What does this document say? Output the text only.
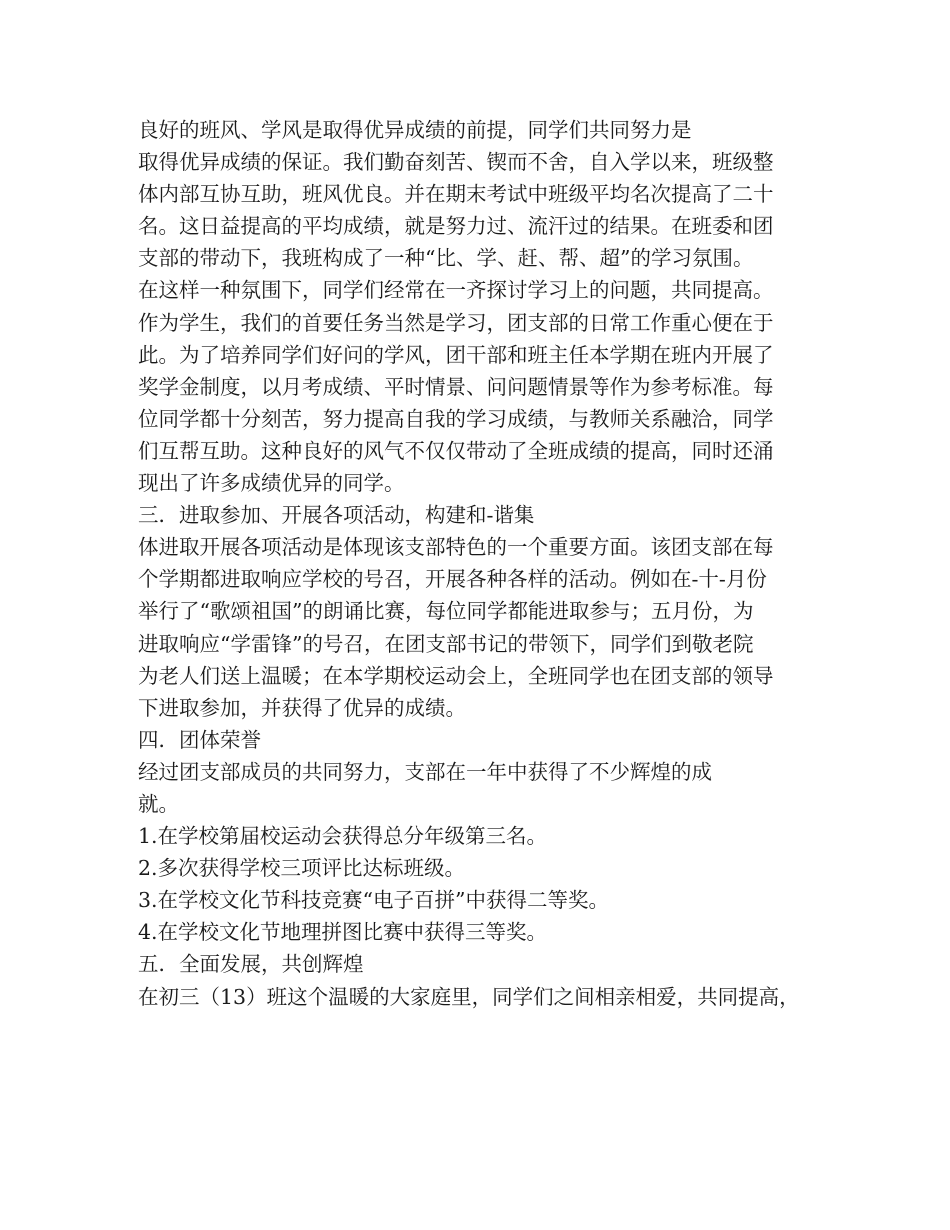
良好的班风、学风是取得优异成绩的前提，同学们共同努力是
取得优异成绩的保证。我们勤奋刻苦、锲而不舍，自入学以来，班级整
体内部互协互助，班风优良。并在期末考试中班级平均名次提高了二十
名。这日益提高的平均成绩，就是努力过、流汗过的结果。在班委和团
支部的带动下，我班构成了一种“比、学、赶、帮、超”的学习氛围。
在这样一种氛围下，同学们经常在一齐探讨学习上的问题，共同提高。
作为学生，我们的首要任务当然是学习，团支部的日常工作重心便在于
此。为了培养同学们好问的学风，团干部和班主任本学期在班内开展了
奖学金制度，以月考成绩、平时情景、问问题情景等作为参考标准。每
位同学都十分刻苦，努力提高自我的学习成绩，与教师关系融洽，同学
们互帮互助。这种良好的风气不仅仅带动了全班成绩的提高，同时还涌
现出了许多成绩优异的同学。
三．进取参加、开展各项活动，构建和-谐集
体进取开展各项活动是体现该支部特色的一个重要方面。该团支部在每
个学期都进取响应学校的号召，开展各种各样的活动。例如在-十-月份
举行了“歌颂祖国”的朗诵比赛，每位同学都能进取参与；五月份，为
进取响应“学雷锋”的号召，在团支部书记的带领下，同学们到敬老院
为老人们送上温暖；在本学期校运动会上，全班同学也在团支部的领导
下进取参加，并获得了优异的成绩。
四．团体荣誉
经过团支部成员的共同努力，支部在一年中获得了不少辉煌的成
就。
1.在学校第届校运动会获得总分年级第三名。
2.多次获得学校三项评比达标班级。
3.在学校文化节科技竞赛“电子百拼”中获得二等奖。
4.在学校文化节地理拼图比赛中获得三等奖。
五．全面发展，共创辉煌
在初三（13）班这个温暖的大家庭里，同学们之间相亲相爱，共同提高，
